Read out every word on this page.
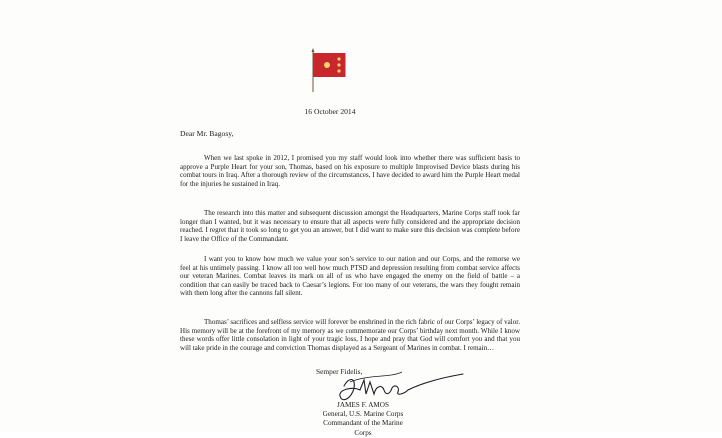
16 October 2014
Dear Mr. Bagosy,
When we last spoke in 2012, I promised you my staff would look into whether there was sufficient basis to approve a Purple Heart for your son, Thomas, based on his exposure to multiple Improvised Device blasts during his combat tours in Iraq. After a thorough review of the circumstances, I have decided to award him the Purple Heart medal for the injuries he sustained in Iraq.
The research into this matter and subsequent discussion amongst the Headquarters, Marine Corps staff took far longer than I wanted, but it was necessary to ensure that all aspects were fully considered and the appropriate decision reached. I regret that it took so long to get you an answer, but I did want to make sure this decision was complete before I leave the Office of the Commandant.
I want you to know how much we value your son’s service to our nation and our Corps, and the remorse we feel at his untimely passing. I know all too well how much PTSD and depression resulting from combat service affects our veteran Marines. Combat leaves its mark on all of us who have engaged the enemy on the field of battle – a condition that can easily be traced back to Caesar’s legions. For too many of our veterans, the wars they fought remain with them long after the cannons fall silent.
Thomas’ sacrifices and selfless service will forever be enshrined in the rich fabric of our Corps’ legacy of valor. His memory will be at the forefront of my memory as we commemorate our Corps’ birthday next month. While I know these words offer little consolation in light of your tragic loss, I hope and pray that God will comfort you and that you will take pride in the courage and conviction Thomas displayed as a Sergeant of Marines in combat. I remain…
Semper Fidelis,
JAMES F. AMOS
General, U.S. Marine Corps
Commandant of the Marine Corps
